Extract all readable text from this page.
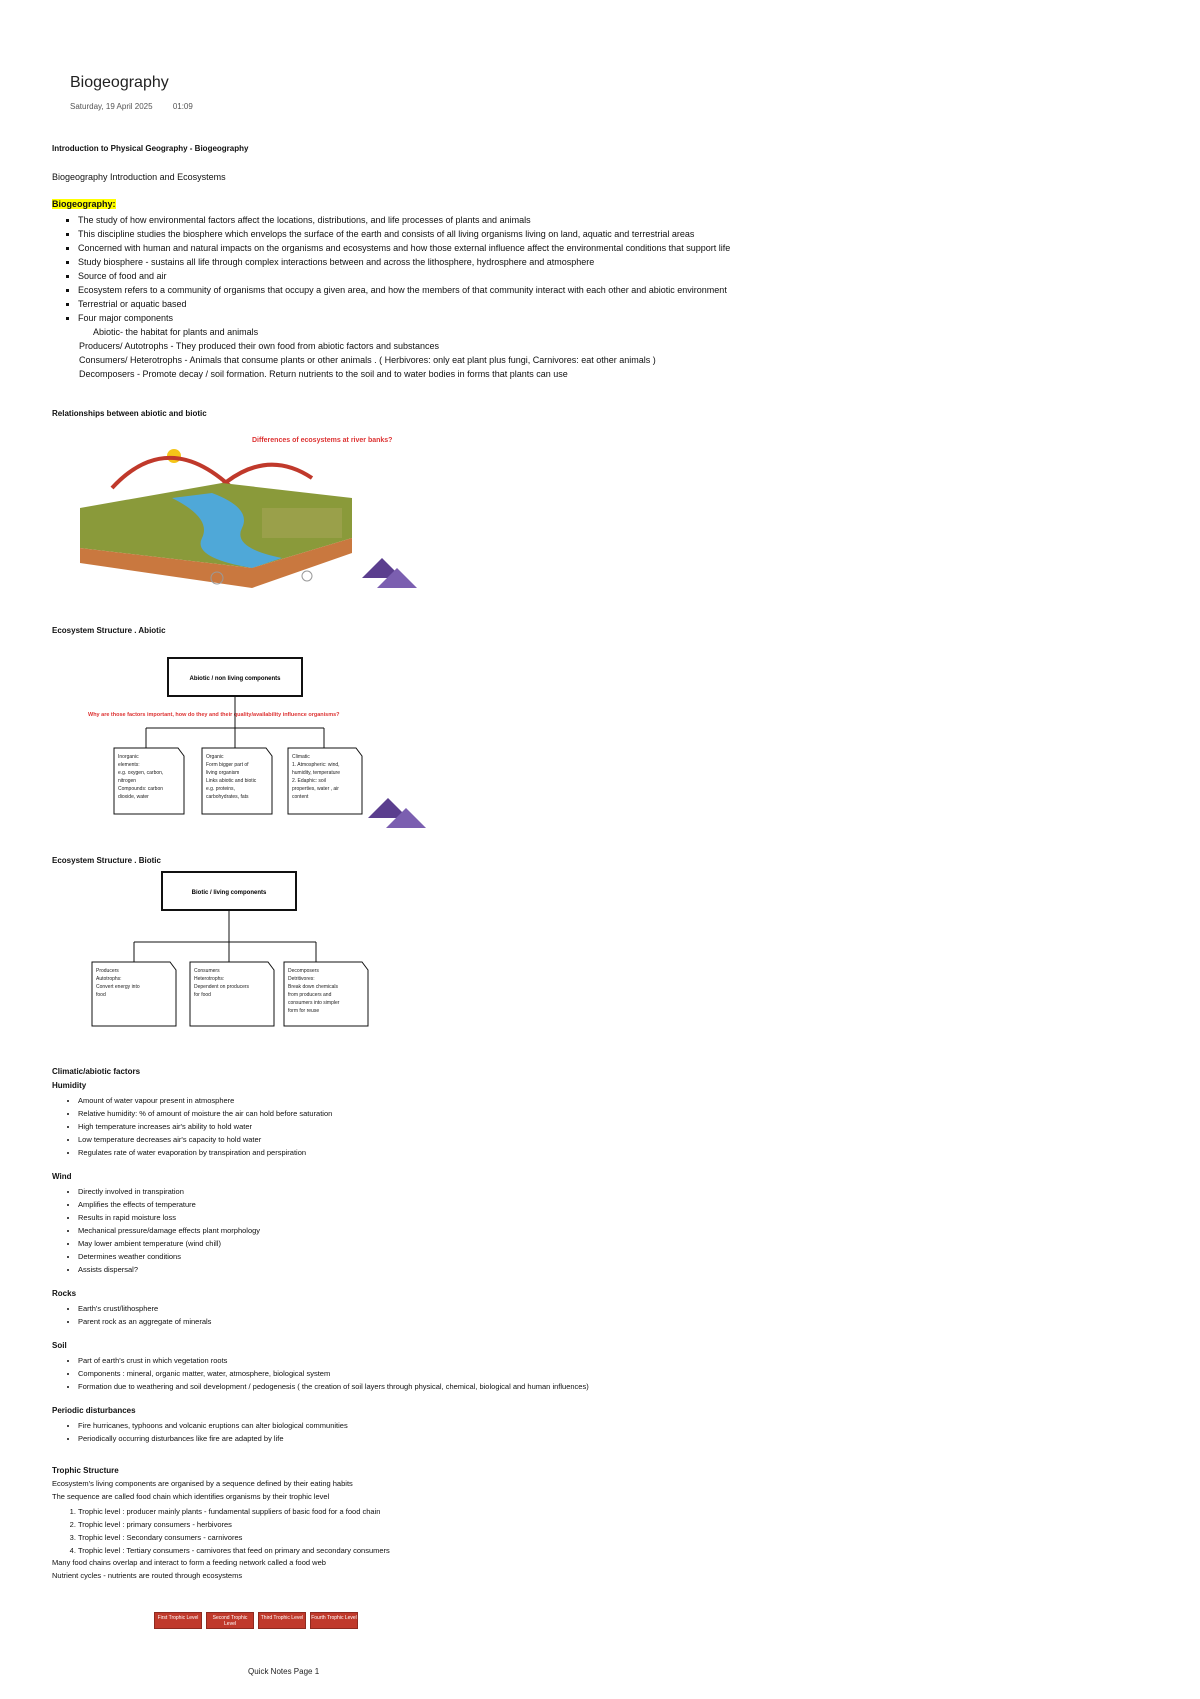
Biogeography
Saturday, 19 April 2025	01:09
Introduction to Physical Geography - Biogeography
Biogeography Introduction and Ecosystems
Biogeography:
▪ The study of how environmental factors affect the locations, distributions, and life processes of plants and animals
▪ This discipline studies the biosphere which envelops the surface of the earth and consists of all living organisms living on land, aquatic and terrestrial areas
▪ Concerned with human and natural impacts on the organisms and ecosystems and how those external influence affect the environmental conditions that support life
▪ Study biosphere - sustains all life through complex interactions between and across the lithosphere, hydrosphere and atmosphere
▪ Source of food and air
▪ Ecosystem refers to a community of organisms that occupy a given area, and how the members of that community interact with each other and abiotic environment
▪ Terrestrial or aquatic based
▪ Four major components
Abiotic- the habitat for plants and animals
Producers/ Autotrophs - They produced their own food from abiotic factors and substances
Consumers/ Heterotrophs - Animals that consume plants or other animals . ( Herbivores: only eat plant plus fungi, Carnivores: eat other animals )
Decomposers - Promote decay / soil formation. Return nutrients to the soil and to water bodies in forms that plants can use
Relationships between abiotic and biotic
Differences of ecosystems at river banks?
Ecosystem Structure . Abiotic
Abiotic / non living components
Why are those factors important, how do they and their quality/availability influence organisms?
Inorganic
elements:
e.g. oxygen, carbon,
nitrogen
Compounds: carbon
dioxide, water
Organic
Form bigger part of
living organism
Links abiotic and biotic
e.g. proteins,
carbohydrates, fats
Climatic
1. Atmospheric: wind,
humidity, temperature
2. Edaphic: soil
properties, water , air
content
Ecosystem Structure . Biotic
Biotic / living components
Producers
Autotrophs:
Convert energy into
food
Consumers
Heterotrophs:
Dependent on producers
for food
Decomposers
Detritivores:
Break down chemicals
from producers and
consumers into simpler
form for reuse
Climatic/abiotic factors
Humidity
• Amount of water vapour present in atmosphere
• Relative humidity: % of amount of moisture the air can hold before saturation
• High temperature increases air's ability to hold water
• Low temperature decreases air's capacity to hold water
• Regulates rate of water evaporation by transpiration and perspiration
Wind
• Directly involved in transpiration
• Amplifies the effects of temperature
• Results in rapid moisture loss
• Mechanical pressure/damage effects plant morphology
• May lower ambient temperature (wind chill)
• Determines weather conditions
• Assists dispersal?
Rocks
• Earth's crust/lithosphere
• Parent rock as an aggregate of minerals
Soil
• Part of earth's crust in which vegetation roots
• Components : mineral, organic matter, water, atmosphere, biological system
• Formation due to weathering and soil development / pedogenesis ( the creation of soil layers through physical, chemical, biological and human influences)
Periodic disturbances
• Fire hurricanes, typhoons and volcanic eruptions can alter biological communities
• Periodically occurring disturbances like fire are adapted by life
Trophic Structure
Ecosystem's living components are organised by a sequence defined by their eating habits
The sequence are called food chain which identifies organisms by their trophic level
1. Trophic level : producer mainly plants - fundamental suppliers of basic food for a food chain
2. Trophic level : primary consumers - herbivores
3. Trophic level : Secondary consumers - carnivores
4. Trophic level : Tertiary consumers - carnivores that feed on primary and secondary consumers
Many food chains overlap and interact to form a feeding network called a food web
Nutrient cycles - nutrients are routed through ecosystems
First Trophic Level	Second Trophic Level
Third Trophic Level	Fourth Trophic Level
Quick Notes Page 1
